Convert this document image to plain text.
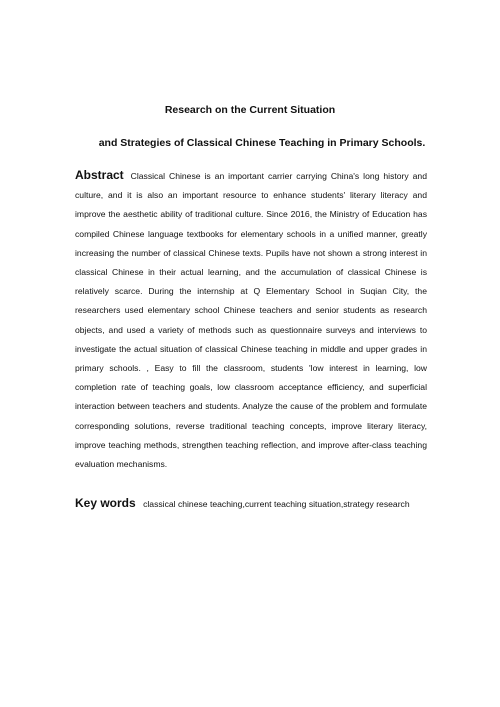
Research on the Current Situation
and Strategies of Classical Chinese Teaching in Primary Schools.
Abstract Classical Chinese is an important carrier carrying China's long history and culture, and it is also an important resource to enhance students' literary literacy and improve the aesthetic ability of traditional culture. Since 2016, the Ministry of Education has compiled Chinese language textbooks for elementary schools in a unified manner, greatly increasing the number of classical Chinese texts. Pupils have not shown a strong interest in classical Chinese in their actual learning, and the accumulation of classical Chinese is relatively scarce. During the internship at Q Elementary School in Suqian City, the researchers used elementary school Chinese teachers and senior students as research objects, and used a variety of methods such as questionnaire surveys and interviews to investigate the actual situation of classical Chinese teaching in middle and upper grades in primary schools. , Easy to fill the classroom, students 'low interest in learning, low completion rate of teaching goals, low classroom acceptance efficiency, and superficial interaction between teachers and students. Analyze the cause of the problem and formulate corresponding solutions, reverse traditional teaching concepts, improve literary literacy, improve teaching methods, strengthen teaching reflection, and improve after-class teaching evaluation mechanisms.
Key words classical chinese teaching,current teaching situation,strategy research
